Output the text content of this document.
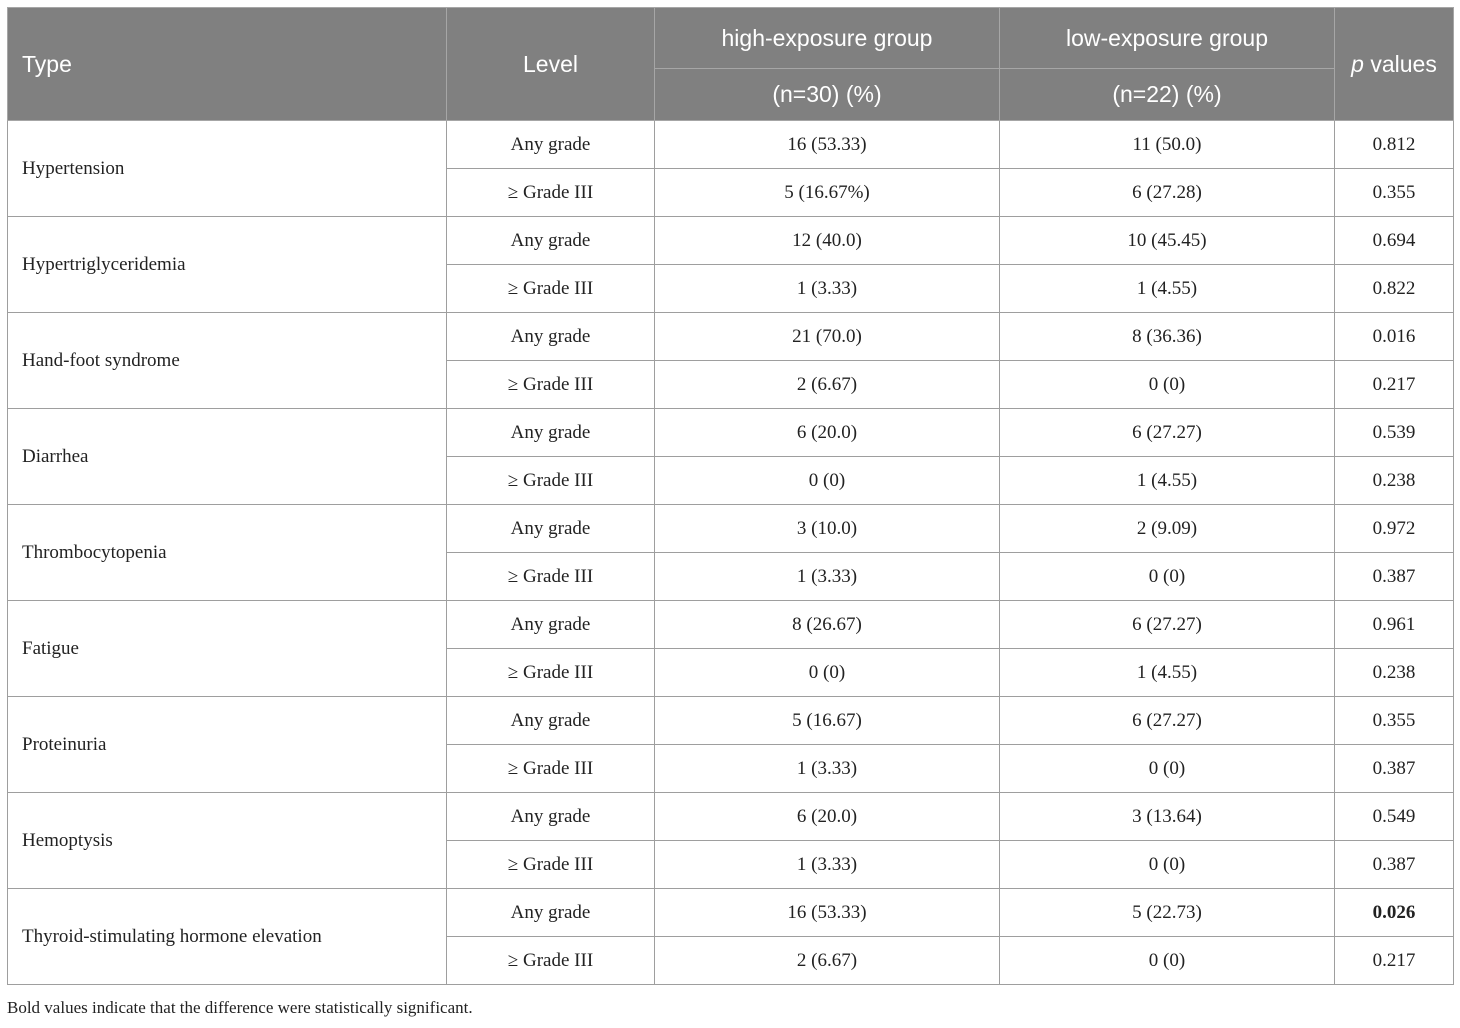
Type	Level	high-exposure group	low-exposure group	p values
		(n=30) (%)	(n=22) (%)	
Hypertension	Any grade	16 (53.33)	11 (50.0)	0.812
	≥ Grade III	5 (16.67%)	6 (27.28)	0.355
Hypertriglyceridemia	Any grade	12 (40.0)	10 (45.45)	0.694
	≥ Grade III	1 (3.33)	1 (4.55)	0.822
Hand-foot syndrome	Any grade	21 (70.0)	8 (36.36)	0.016
	≥ Grade III	2 (6.67)	0 (0)	0.217
Diarrhea	Any grade	6 (20.0)	6 (27.27)	0.539
	≥ Grade III	0 (0)	1 (4.55)	0.238
Thrombocytopenia	Any grade	3 (10.0)	2 (9.09)	0.972
	≥ Grade III	1 (3.33)	0 (0)	0.387
Fatigue	Any grade	8 (26.67)	6 (27.27)	0.961
	≥ Grade III	0 (0)	1 (4.55)	0.238
Proteinuria	Any grade	5 (16.67)	6 (27.27)	0.355
	≥ Grade III	1 (3.33)	0 (0)	0.387
Hemoptysis	Any grade	6 (20.0)	3 (13.64)	0.549
	≥ Grade III	1 (3.33)	0 (0)	0.387
Thyroid-stimulating hormone elevation	Any grade	16 (53.33)	5 (22.73)	0.026
	≥ Grade III	2 (6.67)	0 (0)	0.217
Bold values indicate that the difference were statistically significant.
